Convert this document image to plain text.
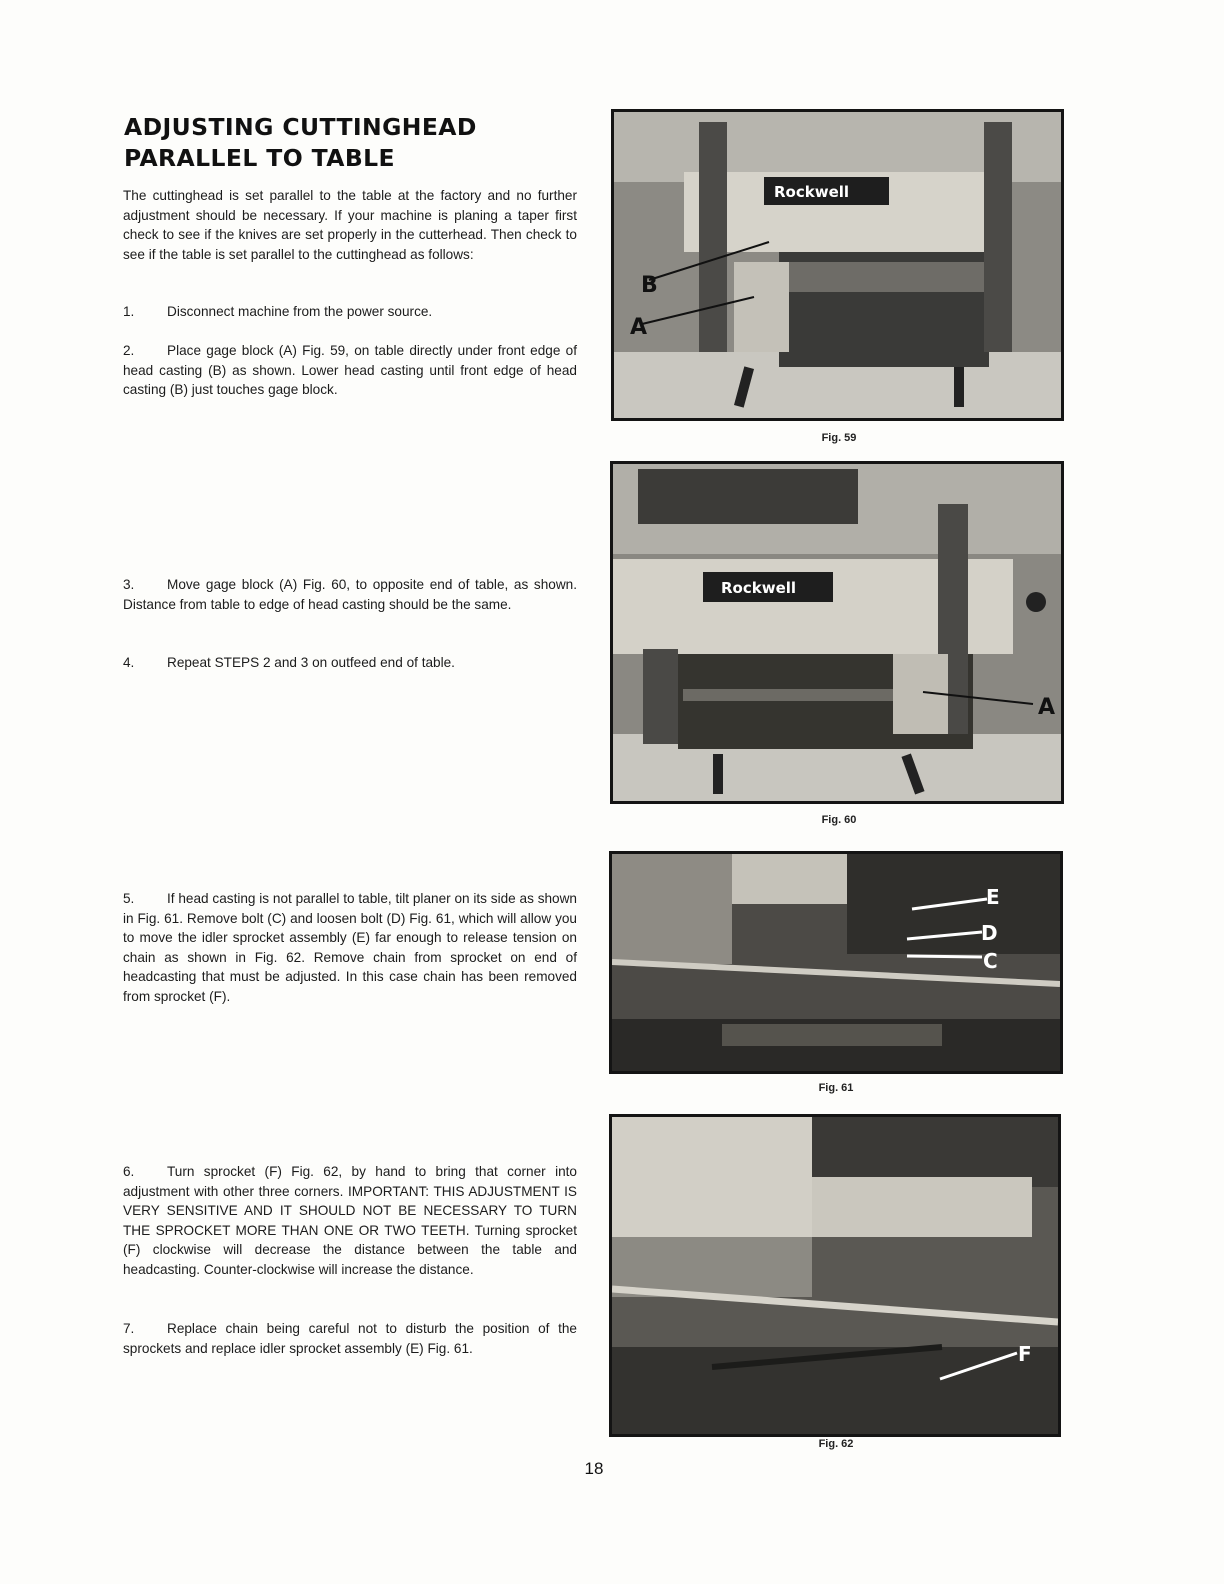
ADJUSTING CUTTINGHEAD PARALLEL TO TABLE

The cuttinghead is set parallel to the table at the factory and no further adjustment should be necessary. If your machine is planing a taper first check to see if the knives are set properly in the cutterhead. Then check to see if the table is set parallel to the cuttinghead as follows:

1. Disconnect machine from the power source.

2. Place gage block (A) Fig. 59, on table directly under front edge of head casting (B) as shown. Lower head casting until front edge of head casting (B) just touches gage block.

3. Move gage block (A) Fig. 60, to opposite end of table, as shown. Distance from table to edge of head casting should be the same.

4. Repeat STEPS 2 and 3 on outfeed end of table.

5. If head casting is not parallel to table, tilt planer on its side as shown in Fig. 61. Remove bolt (C) and loosen bolt (D) Fig. 61, which will allow you to move the idler sprocket assembly (E) far enough to release tension on chain as shown in Fig. 62. Remove chain from sprocket on end of headcasting that must be adjusted. In this case chain has been removed from sprocket (F).

6. Turn sprocket (F) Fig. 62, by hand to bring that corner into adjustment with other three corners. IMPORTANT: THIS ADJUSTMENT IS VERY SENSITIVE AND IT SHOULD NOT BE NECESSARY TO TURN THE SPROCKET MORE THAN ONE OR TWO TEETH. Turning sprocket (F) clockwise will decrease the distance between the table and headcasting. Counter-clockwise will increase the distance.

7. Replace chain being careful not to disturb the position of the sprockets and replace idler sprocket assembly (E) Fig. 61.

Rockwell
B
A
Fig. 59
Rockwell
A
Fig. 60
E
D
C
Fig. 61
F
Fig. 62
18
